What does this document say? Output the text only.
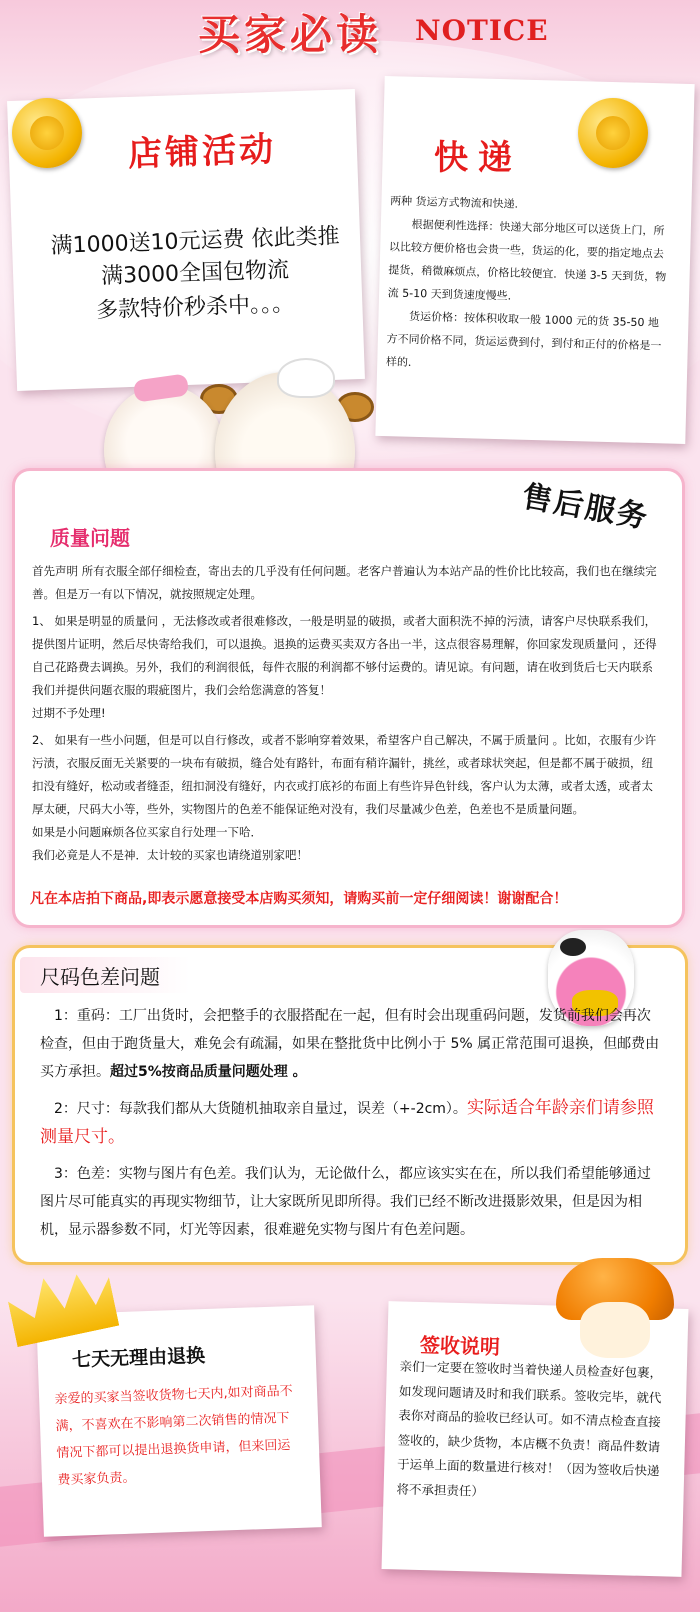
买家必读 NOTICE
店铺活动
满1000送10元运费 依此类推
满3000全国包物流
多款特价秒杀中。。。
快递

两种 货运方式物流和快递.

根据便利性选择：快递大部分地区可以送货上门，所以比较方便价格也会贵一些，货运的化，要的指定地点去提货，稍微麻烦点，价格比较便宜．快递 3-5 天到货，物流 5-10 天到货速度慢些．

货运价格：按体积收取一般 1000 元的货 35-50 地方不同价格不同，货运运费到付，到付和正付的价格是一样的．

售后服务
质量问题

首先声明 所有衣服全部仔细检查，寄出去的几乎没有任何问题。老客户普遍认为本站产品的性价比比较高，我们也在继续完善。但是万一有以下情况，就按照规定处理。

1、 如果是明显的质量问 ，无法修改或者很难修改，一般是明显的破损，或者大面积洗不掉的污渍，请客户尽快联系我们，提供图片证明，然后尽快寄给我们，可以退换。退换的运费买卖双方各出一半，这点很容易理解，你回家发现质量问 ，还得自己花路费去调换。另外，我们的利润很低，每件衣服的利润都不够付运费的。请见谅。有问题，请在收到货后七天内联系我们并提供问题衣服的瑕疵图片，我们会给您满意的答复！

过期不予处理!

2、 如果有一些小问题，但是可以自行修改，或者不影响穿着效果，希望客户自己解决，不属于质量问 。比如，衣服有少许污渍，衣服反面无关紧要的一块布有破损，缝合处有路针，布面有稍许漏针，挑丝，或者球状突起，但是都不属于破损，纽扣没有缝好，松动或者缝歪，纽扣洞没有缝好，内衣或打底衫的布面上有些许异色针线，客户认为太薄，或者太透，或者太厚太硬，尺码大小等，些外，实物图片的色差不能保证绝对没有，我们尽量减少色差，色差也不是质量问题。

如果是小问题麻烦各位买家自行处理一下哈．

我们必竟是人不是神．太计较的买家也请绕道别家吧！

凡在本店拍下商品,即表示愿意接受本店购买须知，请购买前一定仔细阅读！谢谢配合！
尺码色差问题

1：重码：工厂出货时，会把整手的衣服搭配在一起，但有时会出现重码问题，发货前我们会再次检查，但由于跑货量大，难免会有疏漏，如果在整批货中比例小于 5% 属正常范围可退换，但邮费由买方承担。超过5%按商品质量问题处理 。

2：尺寸：每款我们都从大货随机抽取亲自量过，误差（+-2cm）。实际适合年龄亲们请参照测量尺寸。

3：色差：实物与图片有色差。我们认为，无论做什么，都应该实实在在，所以我们希望能够通过图片尽可能真实的再现实物细节，让大家既所见即所得。我们已经不断改进摄影效果，但是因为相机，显示器参数不同，灯光等因素，很难避免实物与图片有色差问题。

七天无理由退换
亲爱的买家当签收货物七天内,如对商品不满，不喜欢在不影响第二次销售的情况下情况下都可以提出退换货申请，但来回运费买家负责。
签收说明
亲们一定要在签收时当着快递人员检查好包裹，如发现问题请及时和我们联系。签收完毕，就代表你对商品的验收已经认可。如不清点检查直接签收的，缺少货物，本店概不负责！商品件数请于运单上面的数量进行核对！（因为签收后快递将不承担责任）
